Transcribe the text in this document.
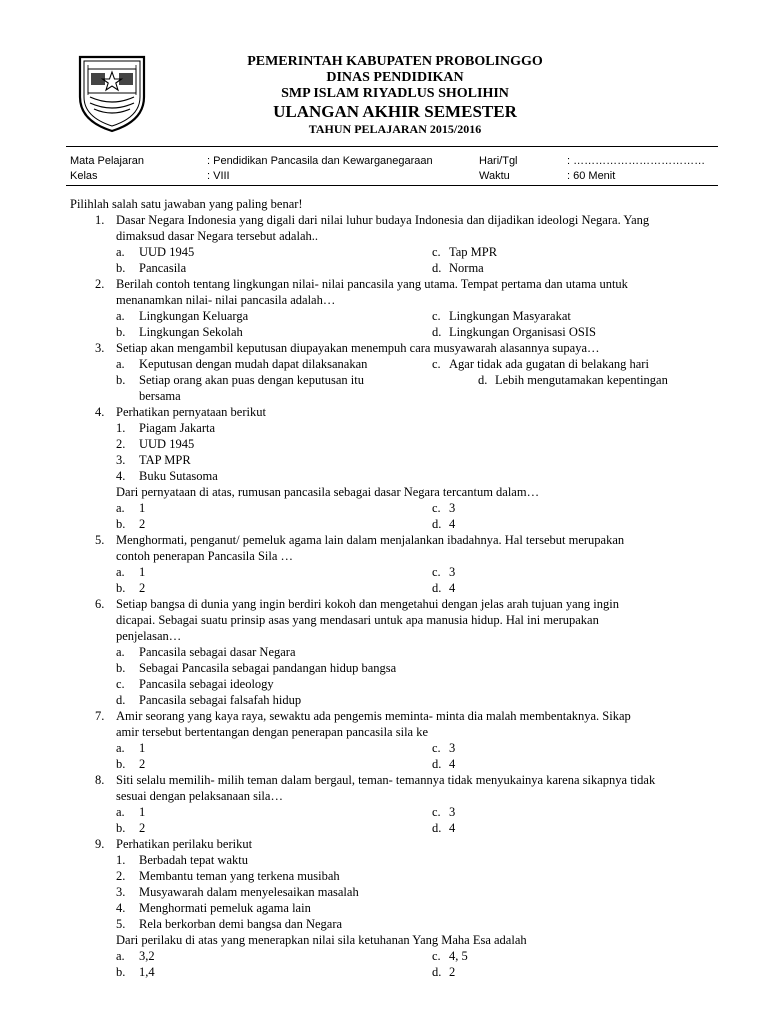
PEMERINTAH KABUPATEN PROBOLINGGO
DINAS PENDIDIKAN
SMP ISLAM RIYADLUS SHOLIHIN
ULANGAN AKHIR SEMESTER
TAHUN PELAJARAN 2015/2016
Mata Pelajaran	: Pendidikan Pancasila dan Kewarganegaraan	Hari/Tgl	: ………………………………
Kelas	: VIII	Waktu	: 60 Menit
Pilihlah salah satu jawaban yang paling benar!
1. Dasar Negara Indonesia yang digali dari nilai luhur budaya Indonesia dan dijadikan ideologi Negara. Yang
dimaksud dasar Negara tersebut adalah..
a. UUD 1945
b. Pancasila
c. Tap MPR
d. Norma
2. Berilah contoh tentang lingkungan nilai- nilai pancasila yang utama. Tempat pertama dan utama untuk
menanamkan nilai- nilai pancasila adalah…
a. Lingkungan Keluarga
b. Lingkungan Sekolah
c. Lingkungan Masyarakat
d. Lingkungan Organisasi OSIS
3. Setiap akan mengambil keputusan diupayakan menempuh cara musyawarah alasannya supaya…
a. Keputusan dengan mudah dapat dilaksanakan
b. Setiap orang akan puas dengan keputusan itu
bersama
c. Agar tidak ada gugatan di belakang hari
d. Lebih mengutamakan kepentingan
4. Perhatikan pernyataan berikut
1. Piagam Jakarta
2. UUD 1945
3. TAP MPR
4. Buku Sutasoma
Dari pernyataan di atas, rumusan pancasila sebagai dasar Negara tercantum dalam…
a. 1
b. 2
c. 3
d. 4
5. Menghormati, penganut/ pemeluk agama lain dalam menjalankan ibadahnya. Hal tersebut merupakan
contoh penerapan Pancasila Sila …
a. 1
b. 2
c. 3
d. 4
6. Setiap bangsa di dunia yang ingin berdiri kokoh dan mengetahui dengan jelas arah tujuan yang ingin
dicapai. Sebagai suatu prinsip asas yang mendasari untuk apa manusia hidup. Hal ini merupakan
penjelasan…
a. Pancasila sebagai dasar Negara
b. Sebagai Pancasila sebagai pandangan hidup bangsa
c. Pancasila sebagai ideology
d. Pancasila sebagai falsafah hidup
7. Amir seorang yang kaya raya, sewaktu ada pengemis meminta- minta dia malah membentaknya. Sikap
amir tersebut bertentangan dengan penerapan pancasila sila ke
a. 1
b. 2
c. 3
d. 4
8. Siti selalu memilih- milih teman dalam bergaul, teman- temannya tidak menyukainya karena sikapnya tidak
sesuai dengan pelaksanaan sila…
a. 1
b. 2
c. 3
d. 4
9. Perhatikan perilaku berikut
1. Berbadah tepat waktu
2. Membantu teman yang terkena musibah
3. Musyawarah dalam menyelesaikan masalah
4. Menghormati pemeluk agama lain
5. Rela berkorban demi bangsa dan Negara
Dari perilaku di atas yang menerapkan nilai sila ketuhanan Yang Maha Esa adalah
a. 3,2
b. 1,4
c. 4, 5
d. 2
